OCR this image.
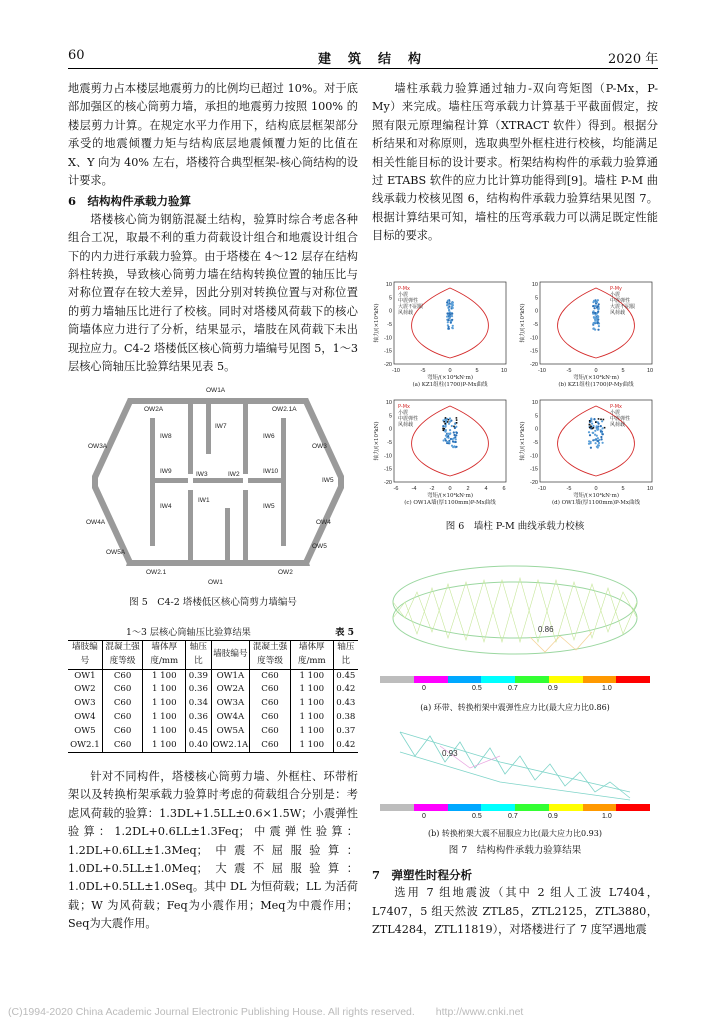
60	建　筑　结　构	2020 年

地震剪力占本楼层地震剪力的比例均已超过 10%。对于底部加强区的核心筒剪力墙，承担的地震剪力按照 100% 的楼层剪力计算。在规定水平力作用下，结构底层框架部分承受的地震倾覆力矩与结构底层地震倾覆力矩的比值在 X、Y 向为 40% 左右，塔楼符合典型框架-核心筒结构的设计要求。

6　结构构件承载力验算

塔楼核心筒为钢筋混凝土结构，验算时综合考虑各种组合工况，取最不利的重力荷载设计组合和地震设计组合下的内力进行承载力验算。由于塔楼在 4～12 层存在结构斜柱转换，导致核心筒剪力墙在结构转换位置的轴压比与对称位置存在较大差异，因此分别对转换位置与对称位置的剪力墙轴压比进行了校核。同时对塔楼风荷载下的核心筒墙体应力进行了分析，结果显示，墙肢在风荷载下未出现拉应力。C4-2 塔楼低区核心筒剪力墙编号见图 5，1～3 层核心筒轴压比验算结果见表 5。

OW1A
OW2A	OW2.1A
OW3A	OW3
IW8
IW7
IW6
IW9	IW10
IW3	IW2
IW5
OW4A	OW4
IW4
IW1
IW5
OW5A
OW5
OW2.1	OW2
OW1
图 5　C4-2 塔楼低区核心筒剪力墙编号
1～3 层核心筒轴压比验算结果	表 5
墙肢编号	混凝土强度等级	墙体厚度/mm	轴压比	墙肢编号	混凝土强度等级	墙体厚度/mm	轴压比
OW1	C60	1 100	0.39	OW1A	C60	1 100	0.45
OW2	C60	1 100	0.36	OW2A	C60	1 100	0.42
OW3	C60	1 100	0.34	OW3A	C60	1 100	0.43
OW4	C60	1 100	0.36	OW4A	C60	1 100	0.38
OW5	C60	1 100	0.45	OW5A	C60	1 100	0.37
OW2.1	C60	1 100	0.40	OW2.1A	C60	1 100	0.42

针对不同构件，塔楼核心筒剪力墙、外框柱、环带桁架以及转换桁架承载力验算时考虑的荷载组合分别是：考虑风荷载的验算：1.3DL+1.5LL±0.6×1.5W；小震弹性验算：1.2DL+0.6LL±1.3Feq；中震弹性验算：1.2DL+0.6LL±1.3Meq；中震不屈服验算：1.0DL+0.5LL±1.0Meq；大震不屈服验算：1.0DL+0.5LL±1.0Seq。其中 DL 为恒荷载；LL 为活荷载；W 为风荷载；Feq为小震作用；Meq为中震作用；Seq为大震作用。

墙柱承载力验算通过轴力-双向弯矩图（P-Mx，P-My）来完成。墙柱压弯承载力计算基于平截面假定，按照有限元原理编程计算（XTRACT 软件）得到。根据分析结果和对称原则，选取典型外框柱进行校核，均能满足相关性能目标的设计要求。桁架结构构件的承载力验算通过 ETABS 软件的应力比计算功能得到[9]。墙柱 P-M 曲线承载力校核见图 6，结构构件承载力验算结果见图 7。根据计算结果可知，墙柱的压弯承载力可以满足既定性能目标的要求。

-10	-5	0	5	10
10
5
0
-5
-10
-15
-20
弯矩/(×10⁴kN·m)
轴力/(×10⁴kN)
(a) KZ1组柱(1700)P-Mx曲线
P-Mx
小震
中震弹性
大震不屈服
风荷载
-10	-5	0	5	10
10
5
0
-5
-10
-15
-20
弯矩/(×10⁴kN·m)
轴力/(×10⁴kN)
(b) KZ1组柱(1700)P-My曲线
P-My
小震
中震弹性
大震不屈服
风荷载
-6 -4 -2	0	2	4	6
10
5
0
-5
-10
-15
-20
弯矩/(×10⁴kN·m)
轴力/(×10⁴kN)
(c) OW1A墙(厚1100mm)P-Mx曲线
P-Mx
小震
中震弹性
风荷载
-10	-5	0	5	10
10
5
0
-5
-10
-15
-20
弯矩/(×10⁴kN·m)
轴力/(×10⁴kN)
(d) OW1墙(厚1100mm)P-Mx曲线
P-Mx
小震
中震弹性
风荷载
图 6　墙柱 P-M 曲线承载力校核
0.86
0	0.5	0.7	0.9	1.0
(a) 环带、转换桁架中震弹性应力比(最大应力比0.86)
0.93
0	0.5	0.7	0.9	1.0
(b) 转换桁架大震不屈服应力比(最大应力比0.93)
图 7　结构构件承载力验算结果

7　弹塑性时程分析

选用 7 组地震波（其中 2 组人工波 L7404，L7407，5 组天然波 ZTL85，ZTL2125，ZTL3880，ZTL4284，ZTL11819），对塔楼进行了 7 度罕遇地震

(C)1994-2020 China Academic Journal Electronic Publishing House. All rights reserved.　　http://www.cnki.net
